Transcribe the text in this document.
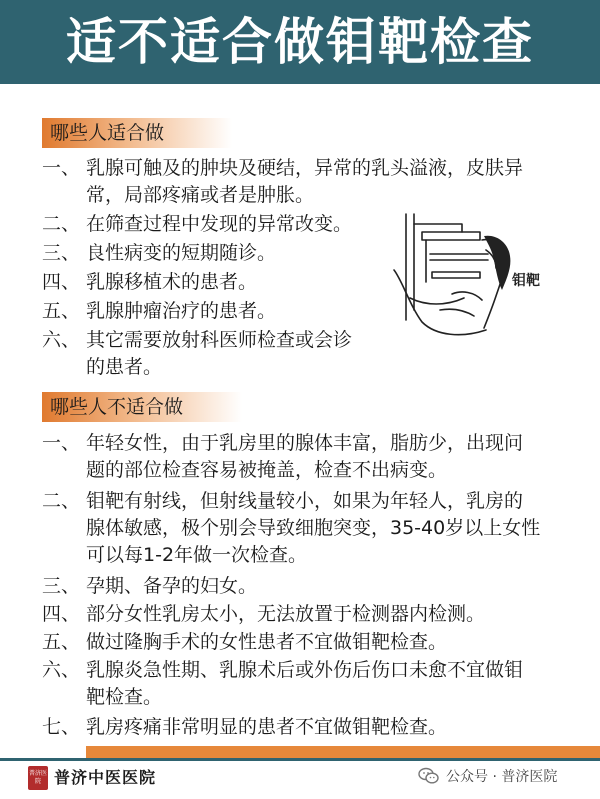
适不适合做钼靶检查
哪些人适合做
一、 乳腺可触及的肿块及硬结，异常的乳头溢液，皮肤异
常，局部疼痛或者是肿胀。
二、 在筛查过程中发现的异常改变。
三、 良性病变的短期随诊。
四、 乳腺移植术的患者。
五、 乳腺肿瘤治疗的患者。
六、 其它需要放射科医师检查或会诊
的患者。
钼靶
哪些人不适合做
一、 年轻女性，由于乳房里的腺体丰富，脂肪少，出现问
题的部位检查容易被掩盖，检查不出病变。
二、 钼靶有射线，但射线量较小，如果为年轻人，乳房的
腺体敏感，极个别会导致细胞突变，35-40岁以上女性
可以每1-2年做一次检查。
三、 孕期、备孕的妇女。
四、 部分女性乳房太小，无法放置于检测器内检测。
五、 做过隆胸手术的女性患者不宜做钼靶检查。
六、 乳腺炎急性期、乳腺术后或外伤后伤口未愈不宜做钼
靶检查。
七、 乳房疼痛非常明显的患者不宜做钼靶检查。
普济医院 普济中医医院	公众号 · 普济医院
